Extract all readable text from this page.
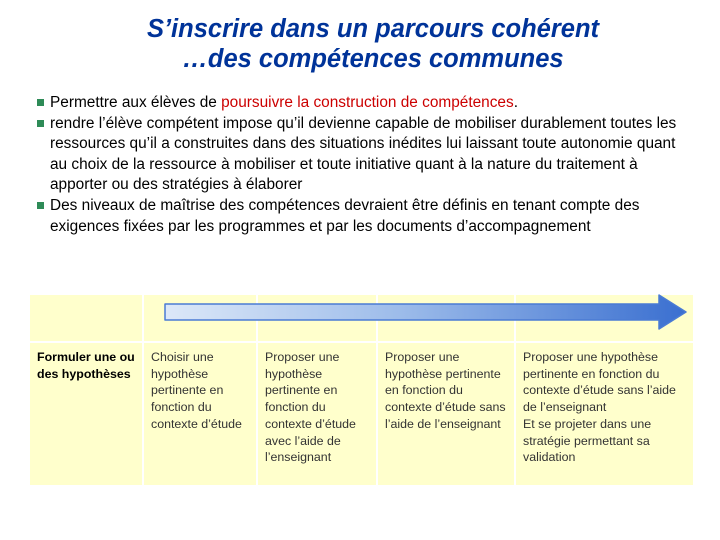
S’inscrire dans un parcours cohérent
…des compétences communes
Permettre aux élèves de poursuivre la construction de compétences.
rendre l’élève compétent impose qu’il devienne capable de mobiliser durablement toutes les ressources qu’il a construites dans des situations inédites lui laissant toute autonomie quant au choix de la ressource à mobiliser et toute initiative quant à la nature du traitement à apporter ou des stratégies à élaborer
Des niveaux de maîtrise des compétences devraient être définis en tenant compte des exigences fixées par les programmes et par les documents d’accompagnement

Formuler une ou des hypothèses	Choisir une hypothèse pertinente en fonction du contexte d’étude	Proposer une hypothèse pertinente en fonction du contexte d’étude avec l’aide de l’enseignant	Proposer une hypothèse pertinente en fonction du contexte d’étude sans l’aide de l’enseignant	Proposer une hypothèse pertinente en fonction du contexte d’étude sans l’aide de l’enseignant
Et se projeter dans une stratégie permettant sa validation
